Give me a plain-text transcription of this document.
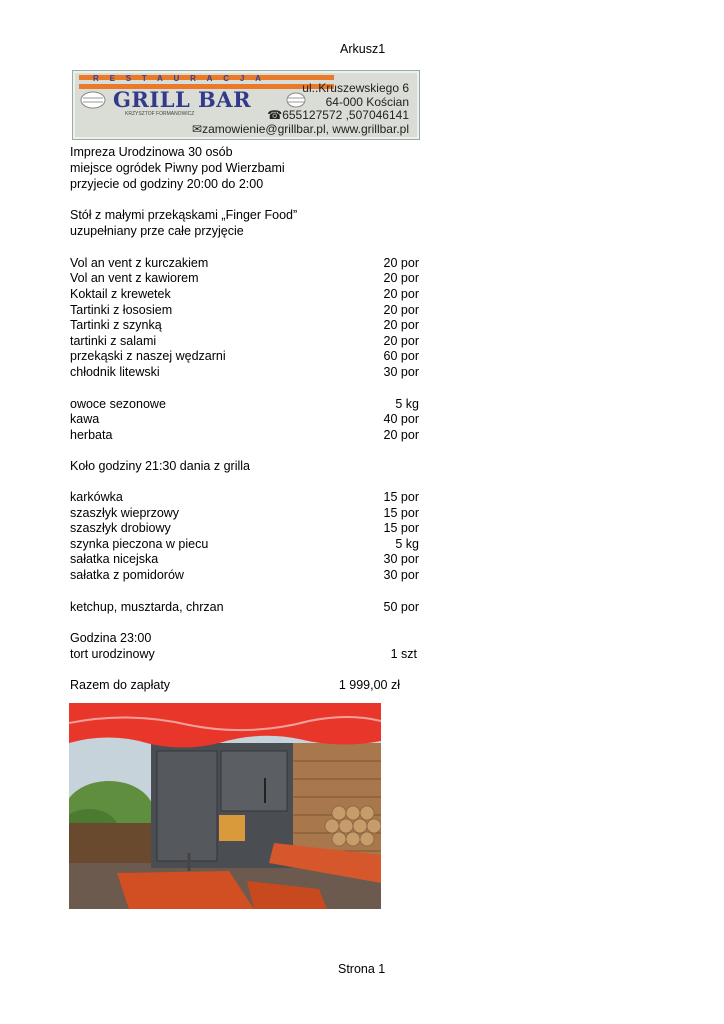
Arkusz1
RESTAURACJA
GRILL BAR
KRZYSZTOF FORMANOWICZ
ul..Kruszewskiego 6
64-000 Kościan
☎655127572 ,507046141
✉zamowienie@grillbar.pl, www.grillbar.pl
Impreza Urodzinowa 30 osób
miejsce ogródek Piwny pod Wierzbami
przyjecie od godziny 20:00 do 2:00
Stół z małymi przekąskami „Finger Food”
uzupełniany prze całe przyjęcie
Vol an vent z kurczakiem	20 por
Vol an vent z kawiorem	20 por
Koktail z krewetek	20 por
Tartinki z łososiem	20 por
Tartinki z szynką	20 por
tartinki z salami	20 por
przekąski z naszej wędzarni	60 por
chłodnik litewski	30 por
owoce sezonowe	5 kg
kawa	40 por
herbata	20 por
Koło godziny 21:30 dania z grilla
karkówka	15 por
szaszłyk wieprzowy	15 por
szaszłyk drobiowy	15 por
szynka pieczona w piecu	5 kg
sałatka nicejska	30 por
sałatka z pomidorów	30 por
ketchup, musztarda, chrzan	50 por
Godzina 23:00
tort urodzinowy	1 szt
Razem do zapłaty	1 999,00 zł
Strona 1
